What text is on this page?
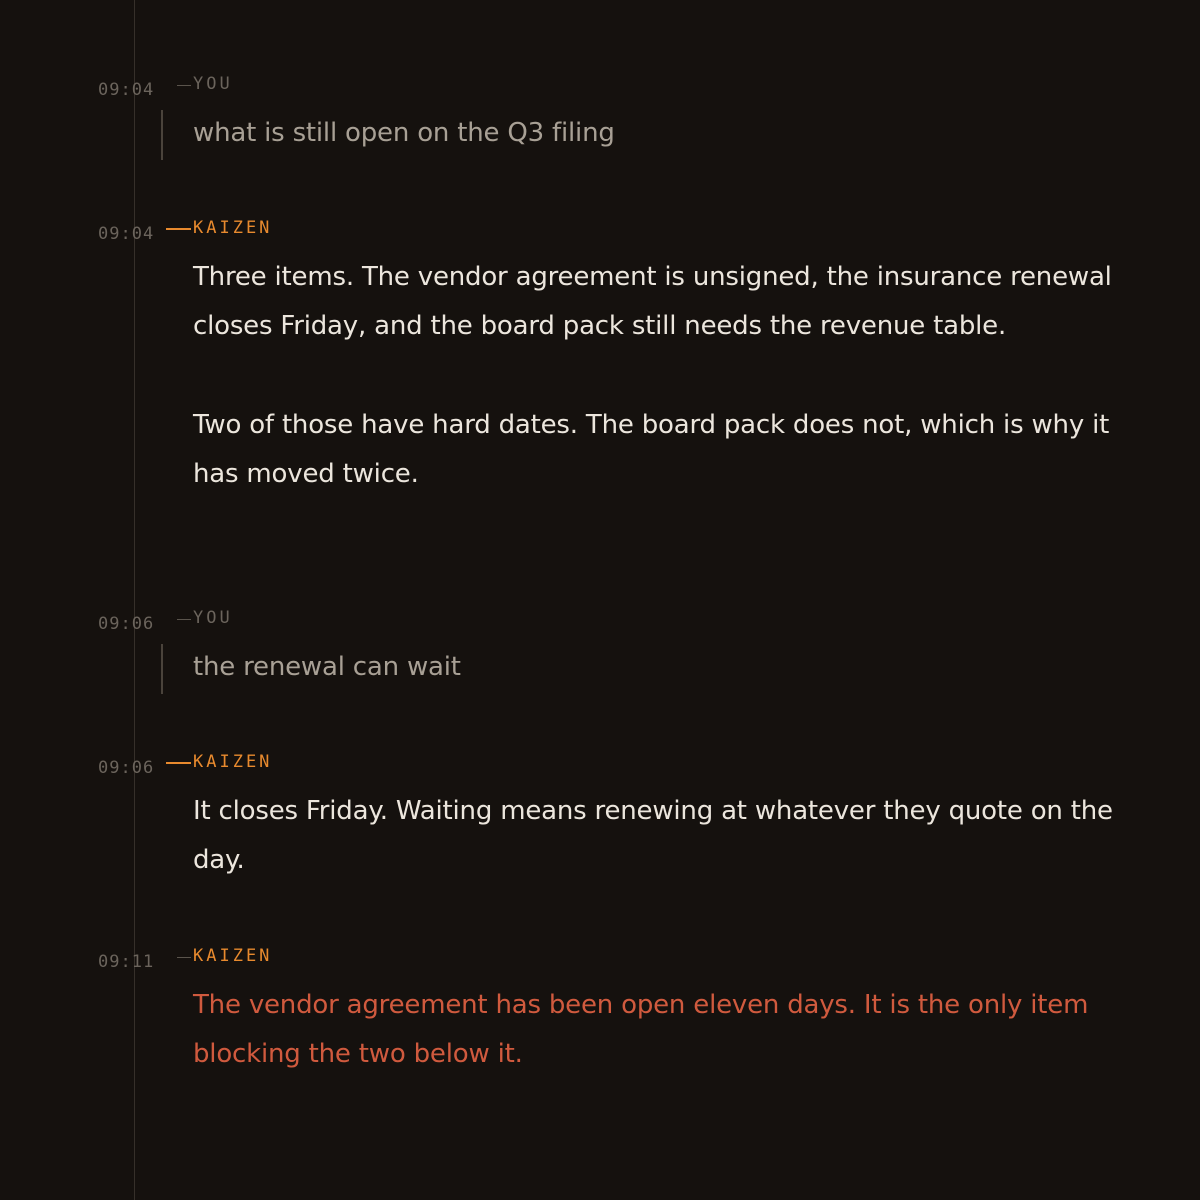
09:04 YOU

what is still open on the Q3 filing

09:04 KAIZEN

Three items. The vendor agreement is unsigned, the insurance renewal closes Friday, and the board pack still needs the revenue table.

Two of those have hard dates. The board pack does not, which is why it has moved twice.

09:06 YOU

the renewal can wait

09:06 KAIZEN

It closes Friday. Waiting means renewing at whatever they quote on the day.

09:11 KAIZEN

The vendor agreement has been open eleven days. It is the only item blocking the two below it.
